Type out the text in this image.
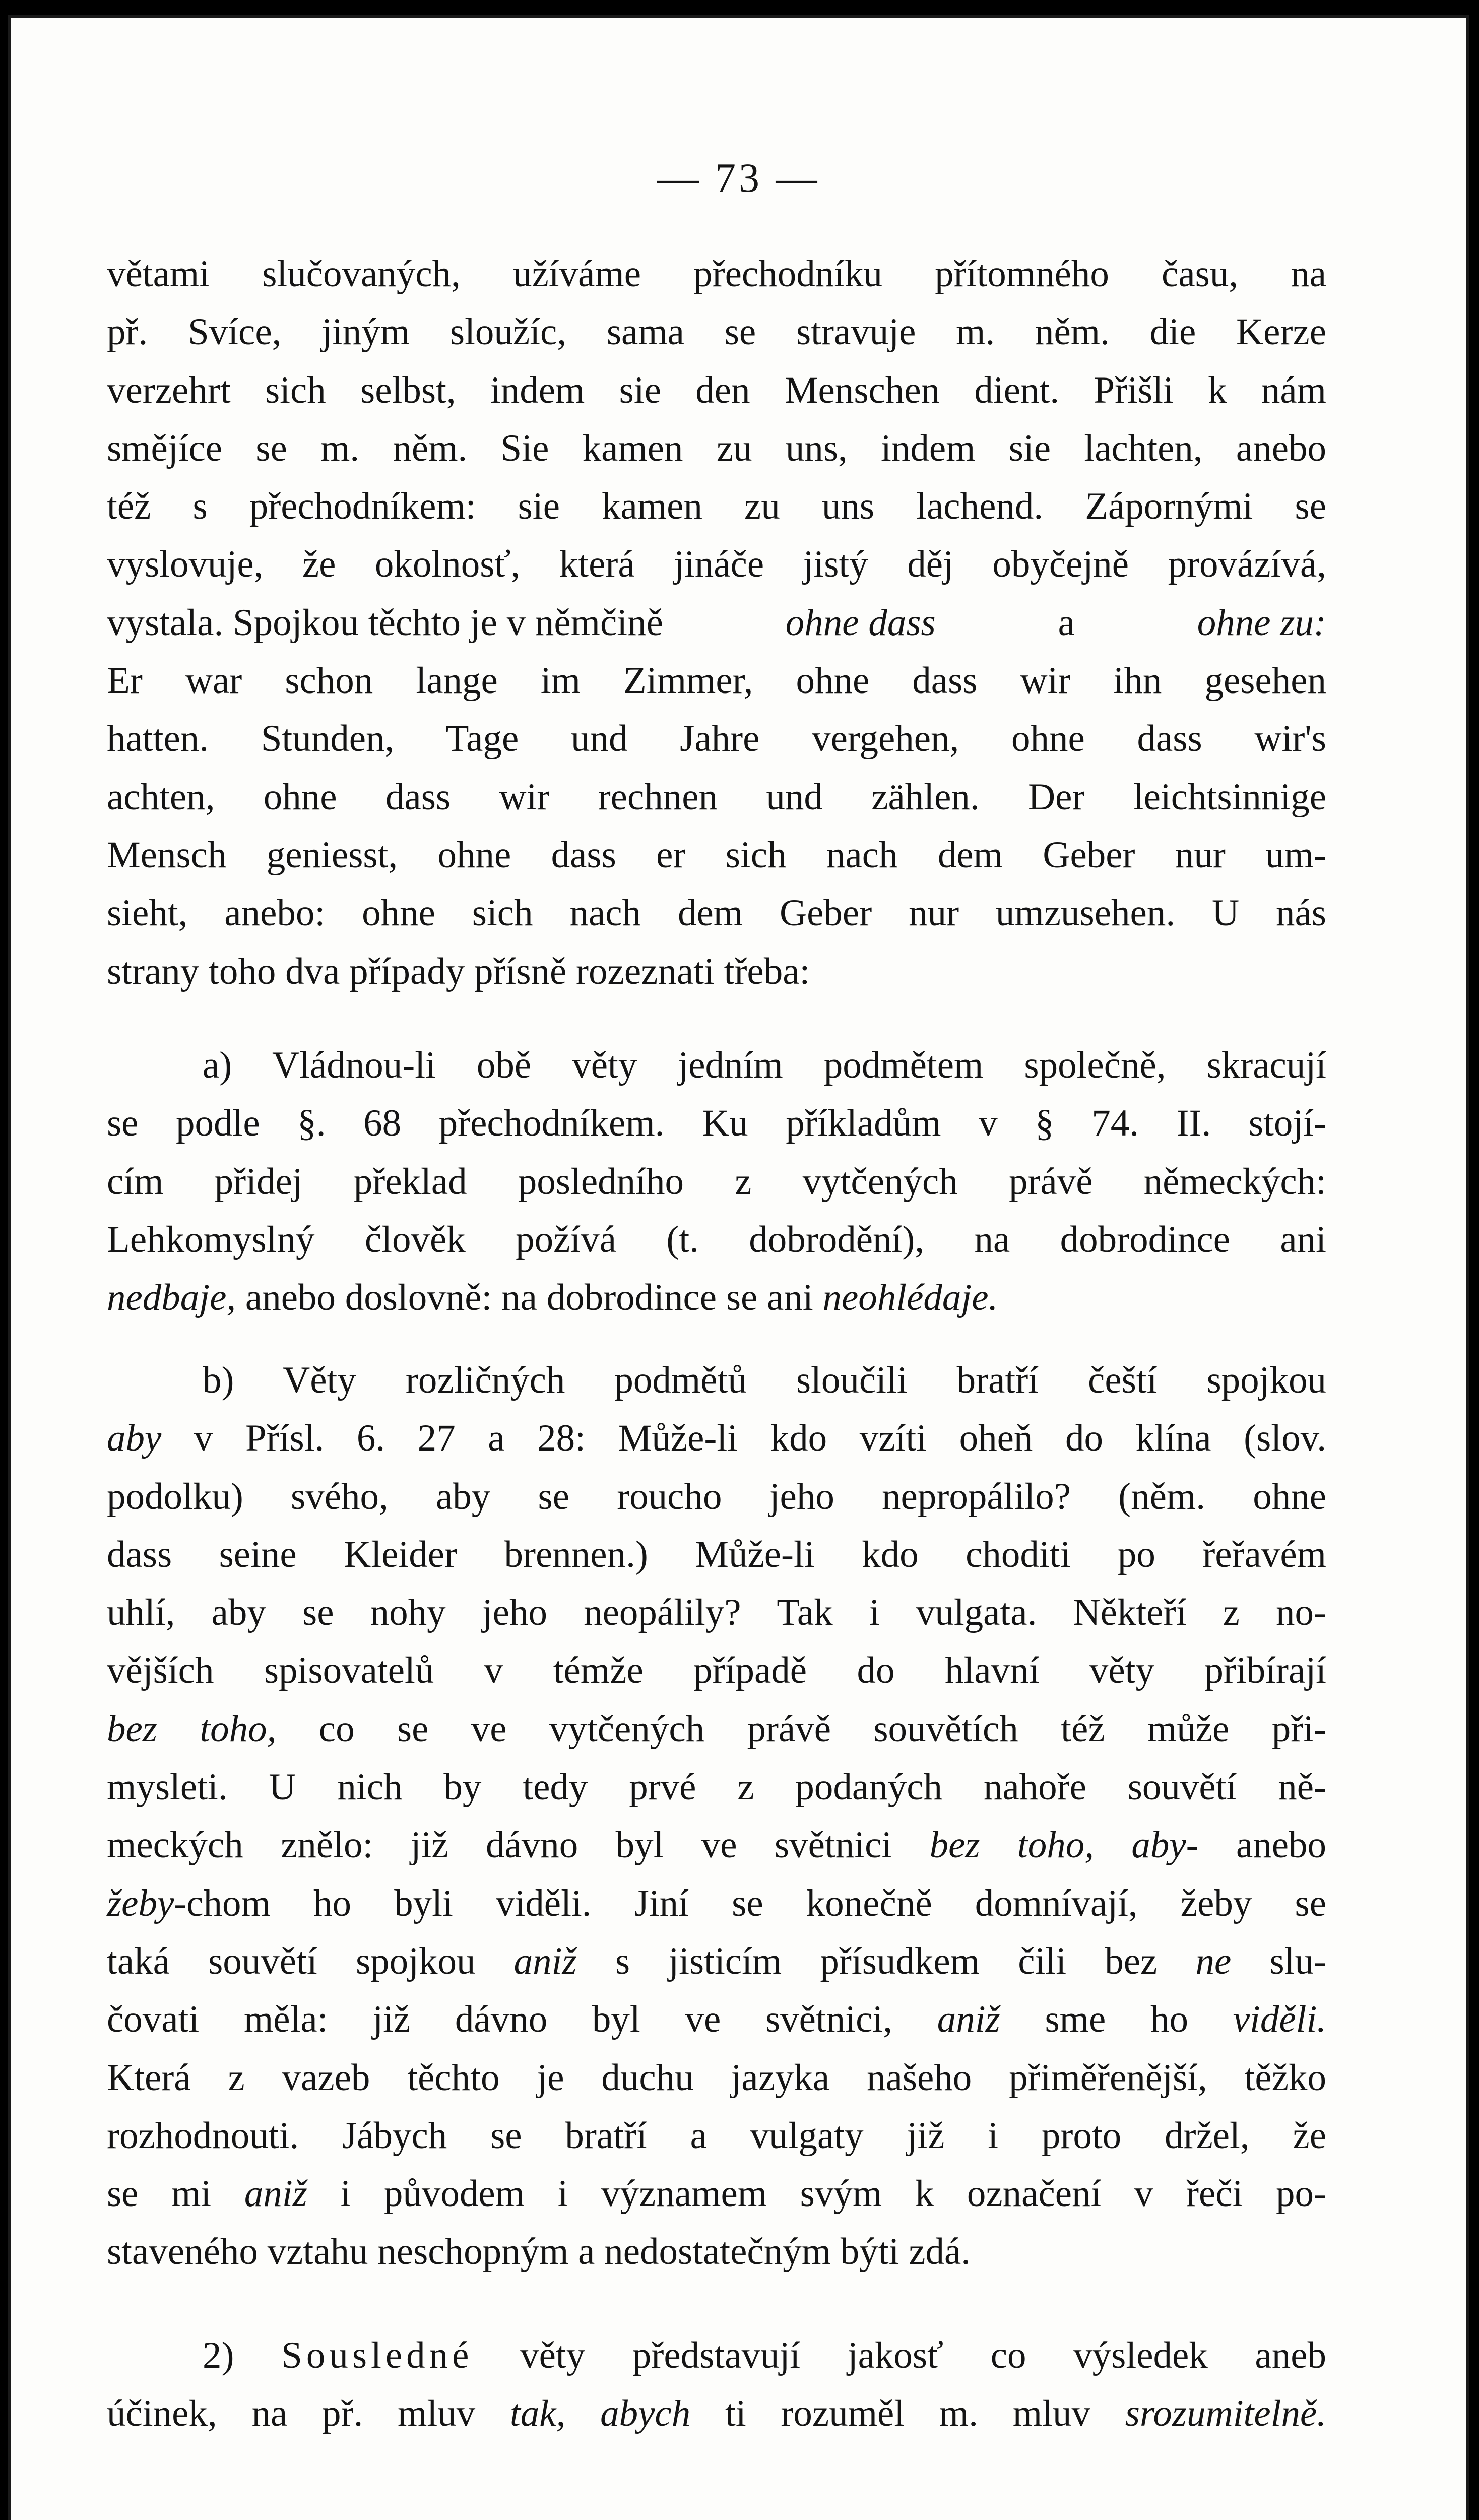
— 73 —
větami slučovaných, užíváme přechodníku přítomného času, na
př. Svíce, jiným sloužíc, sama se stravuje m. něm. die Kerze
verzehrt sich selbst, indem sie den Menschen dient. Přišli k nám
smějíce se m. něm. Sie kamen zu uns, indem sie lachten, anebo
též s přechodníkem: sie kamen zu uns lachend. Zápornými se
vyslovuje, že okolnosť, která jináče jistý děj obyčejně provázívá,
vystala. Spojkou těchto je v němčině	ohne dass	a	ohne zu:
Er war schon lange im Zimmer, ohne dass wir ihn gesehen
hatten. Stunden, Tage und Jahre vergehen, ohne dass wir's
achten, ohne dass wir rechnen und zählen. Der leichtsinnige
Mensch geniesst, ohne dass er sich nach dem Geber nur um-
sieht, anebo: ohne sich nach dem Geber nur umzusehen. U nás
strany toho dva případy přísně rozeznati třeba:
a) Vládnou-li obě věty jedním podmětem společně, skracují
se podle §. 68 přechodníkem. Ku příkladům v § 74. II. stojí-
cím přidej překlad posledního z vytčených právě německých:
Lehkomyslný člověk požívá (t. dobrodění), na dobrodince ani
nedbaje, anebo doslovně: na dobrodince se ani neohlédaje.
b) Věty rozličných podmětů sloučili bratří čeští spojkou
aby v Přísl. 6. 27 a 28: Může-li kdo vzíti oheň do klína (slov.
podolku) svého, aby se roucho jeho nepropálilo? (něm. ohne
dass seine Kleider brennen.) Může-li kdo choditi po řeřavém
uhlí, aby se nohy jeho neopálily? Tak i vulgata. Někteří z no-
vějších spisovatelů v témže případě do hlavní věty přibírají
bez toho, co se ve vytčených právě souvětích též může při-
mysleti. U nich by tedy prvé z podaných nahoře souvětí ně-
meckých znělo: již dávno byl ve světnici bez toho, aby- anebo
žeby-chom ho byli viděli. Jiní se konečně domnívají, žeby se
taká souvětí spojkou aniž s jisticím přísudkem čili bez ne slu-
čovati měla: již dávno byl ve světnici, aniž sme ho viděli.
Která z vazeb těchto je duchu jazyka našeho přiměřenější, těžko
rozhodnouti. Jábych se bratří a vulgaty již i proto držel, že
se mi aniž i původem i významem svým k označení v řeči po-
staveného vztahu neschopným a nedostatečným býti zdá.
2) Sousledné věty představují jakosť co výsledek aneb
účinek, na př. mluv tak, abych ti rozuměl m. mluv srozumitelně.
